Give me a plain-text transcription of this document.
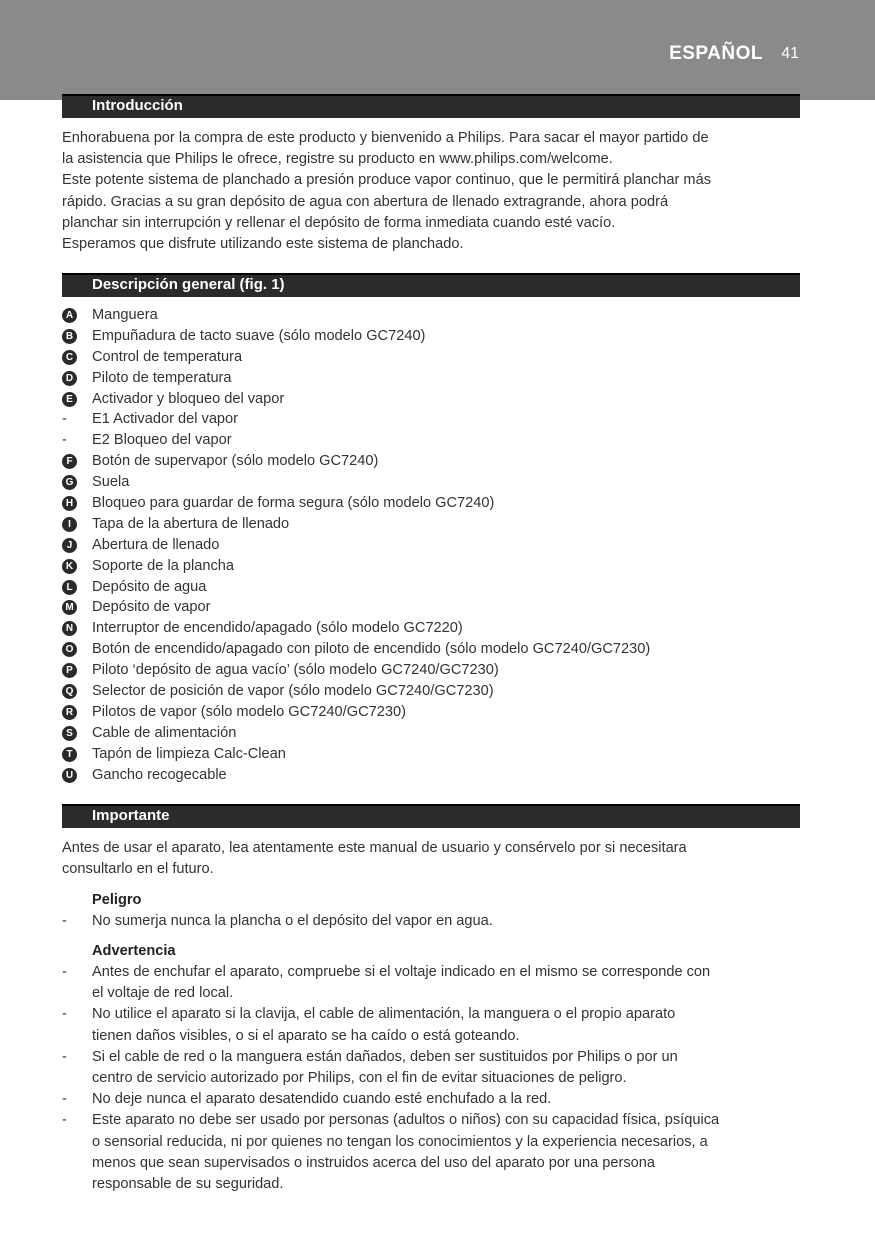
ESPAÑOL 41
Introducción
Enhorabuena por la compra de este producto y bienvenido a Philips. Para sacar el mayor partido de
la asistencia que Philips le ofrece, registre su producto en www.philips.com/welcome.
Este potente sistema de planchado a presión produce vapor continuo, que le permitirá planchar más
rápido. Gracias a su gran depósito de agua con abertura de llenado extragrande, ahora podrá
planchar sin interrupción y rellenar el depósito de forma inmediata cuando esté vacío.
Esperamos que disfrute utilizando este sistema de planchado.
Descripción general (fig. 1)
A Manguera
B Empuñadura de tacto suave (sólo modelo GC7240)
C Control de temperatura
D Piloto de temperatura
E Activador y bloqueo del vapor
- E1 Activador del vapor
- E2 Bloqueo del vapor
F	Botón de supervapor (sólo modelo GC7240)
G Suela
H Bloqueo para guardar de forma segura (sólo modelo GC7240)
I	Tapa de la abertura de llenado
J	Abertura de llenado
K Soporte de la plancha
L	Depósito de agua
M Depósito de vapor
N Interruptor de encendido/apagado (sólo modelo GC7220)
O Botón de encendido/apagado con piloto de encendido (sólo modelo GC7240/GC7230)
P Piloto ‘depósito de agua vacío’ (sólo modelo GC7240/GC7230)
Q Selector de posición de vapor (sólo modelo GC7240/GC7230)
R Pilotos de vapor (sólo modelo GC7240/GC7230)
S Cable de alimentación
T	Tapón de limpieza Calc-Clean
U Gancho recogecable
Importante
Antes de usar el aparato, lea atentamente este manual de usuario y consérvelo por si necesitara
consultarlo en el futuro.
Peligro
- No sumerja nunca la plancha o el depósito del vapor en agua.
Advertencia
- Antes de enchufar el aparato, compruebe si el voltaje indicado en el mismo se corresponde con
el voltaje de red local.
- No utilice el aparato si la clavija, el cable de alimentación, la manguera o el propio aparato
tienen daños visibles, o si el aparato se ha caído o está goteando.
- Si el cable de red o la manguera están dañados, deben ser sustituidos por Philips o por un
centro de servicio autorizado por Philips, con el fin de evitar situaciones de peligro.
- No deje nunca el aparato desatendido cuando esté enchufado a la red.
- Este aparato no debe ser usado por personas (adultos o niños) con su capacidad física, psíquica
o sensorial reducida, ni por quienes no tengan los conocimientos y la experiencia necesarios, a
menos que sean supervisados o instruidos acerca del uso del aparato por una persona
responsable de su seguridad.
